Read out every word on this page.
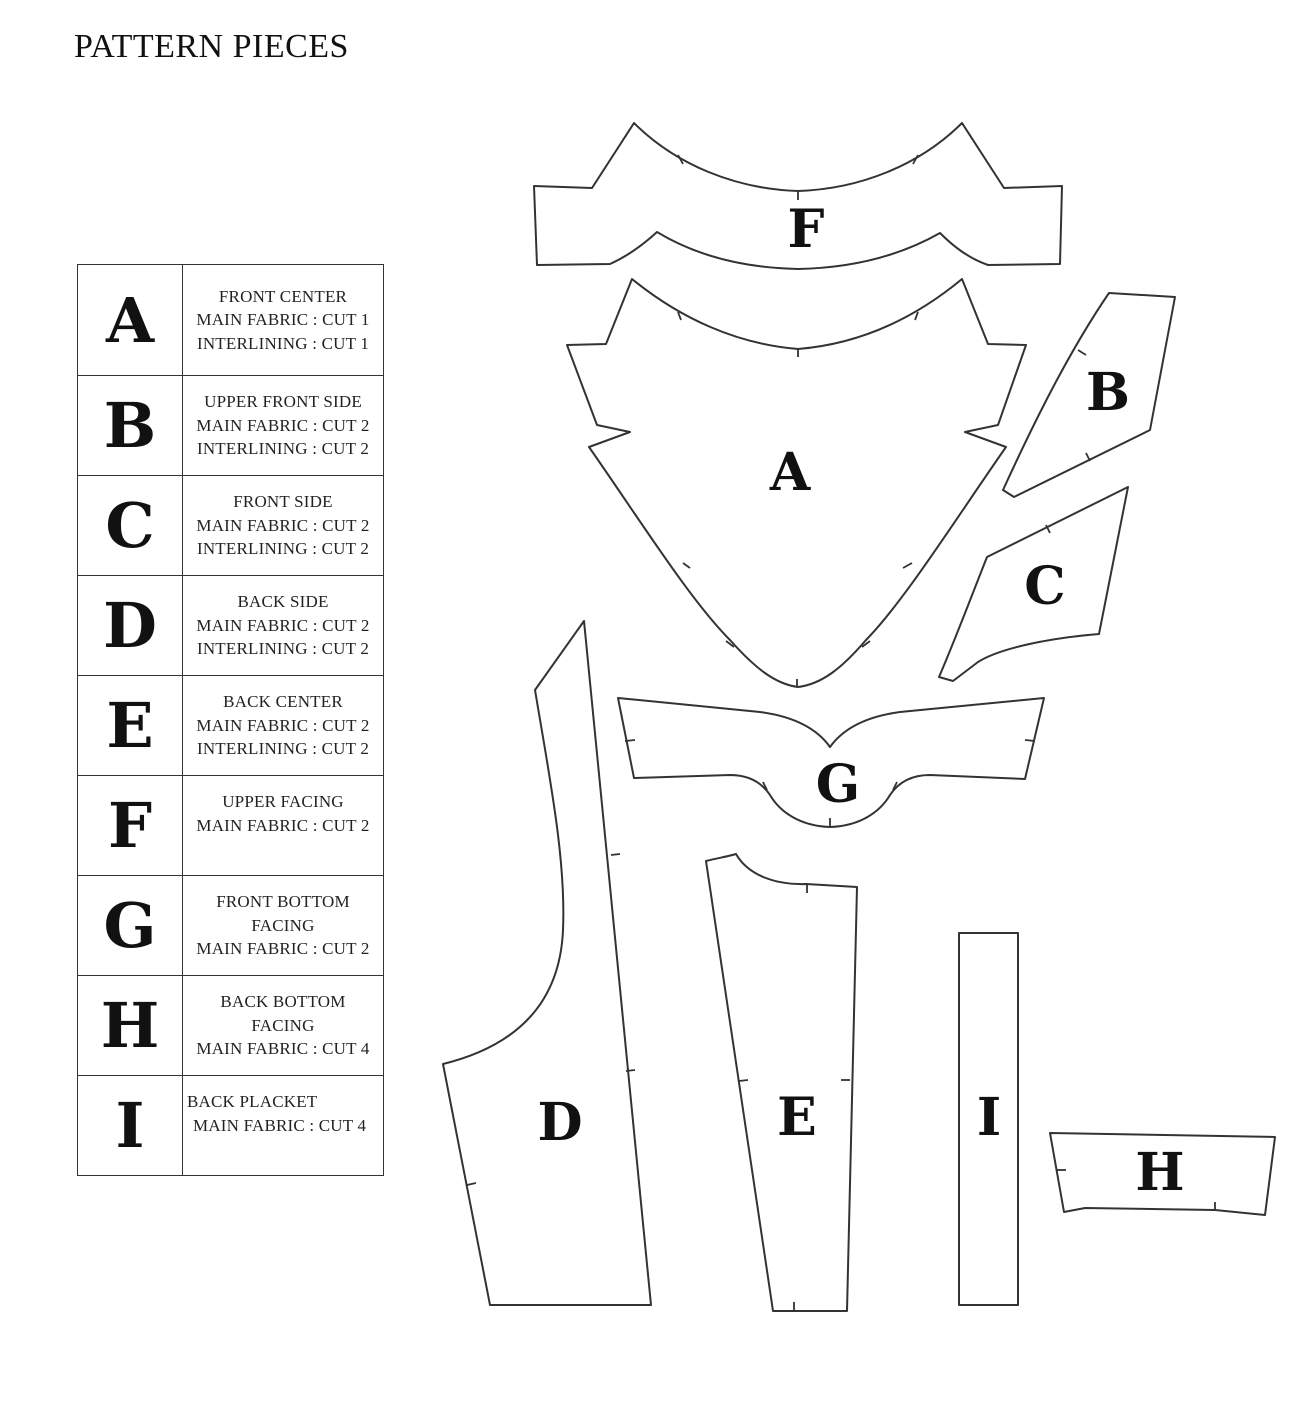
PATTERN PIECES
A	FRONT CENTER
MAIN FABRIC : CUT 1
INTERLINING : CUT 1

B	UPPER FRONT SIDE
MAIN FABRIC : CUT 2
INTERLINING : CUT 2

C	FRONT SIDE
MAIN FABRIC : CUT 2
INTERLINING : CUT 2

D	BACK SIDE
MAIN FABRIC : CUT 2
INTERLINING : CUT 2

E	BACK CENTER
MAIN FABRIC : CUT 2
INTERLINING : CUT 2

F	UPPER FACING
MAIN FABRIC : CUT 2

G	FRONT BOTTOM
FACING
MAIN FABRIC : CUT 2

H	BACK BOTTOM
FACING
MAIN FABRIC : CUT 4

I	BACK PLACKET
MAIN FABRIC : CUT 4
F
A
B
C
G
D	E	I
H
